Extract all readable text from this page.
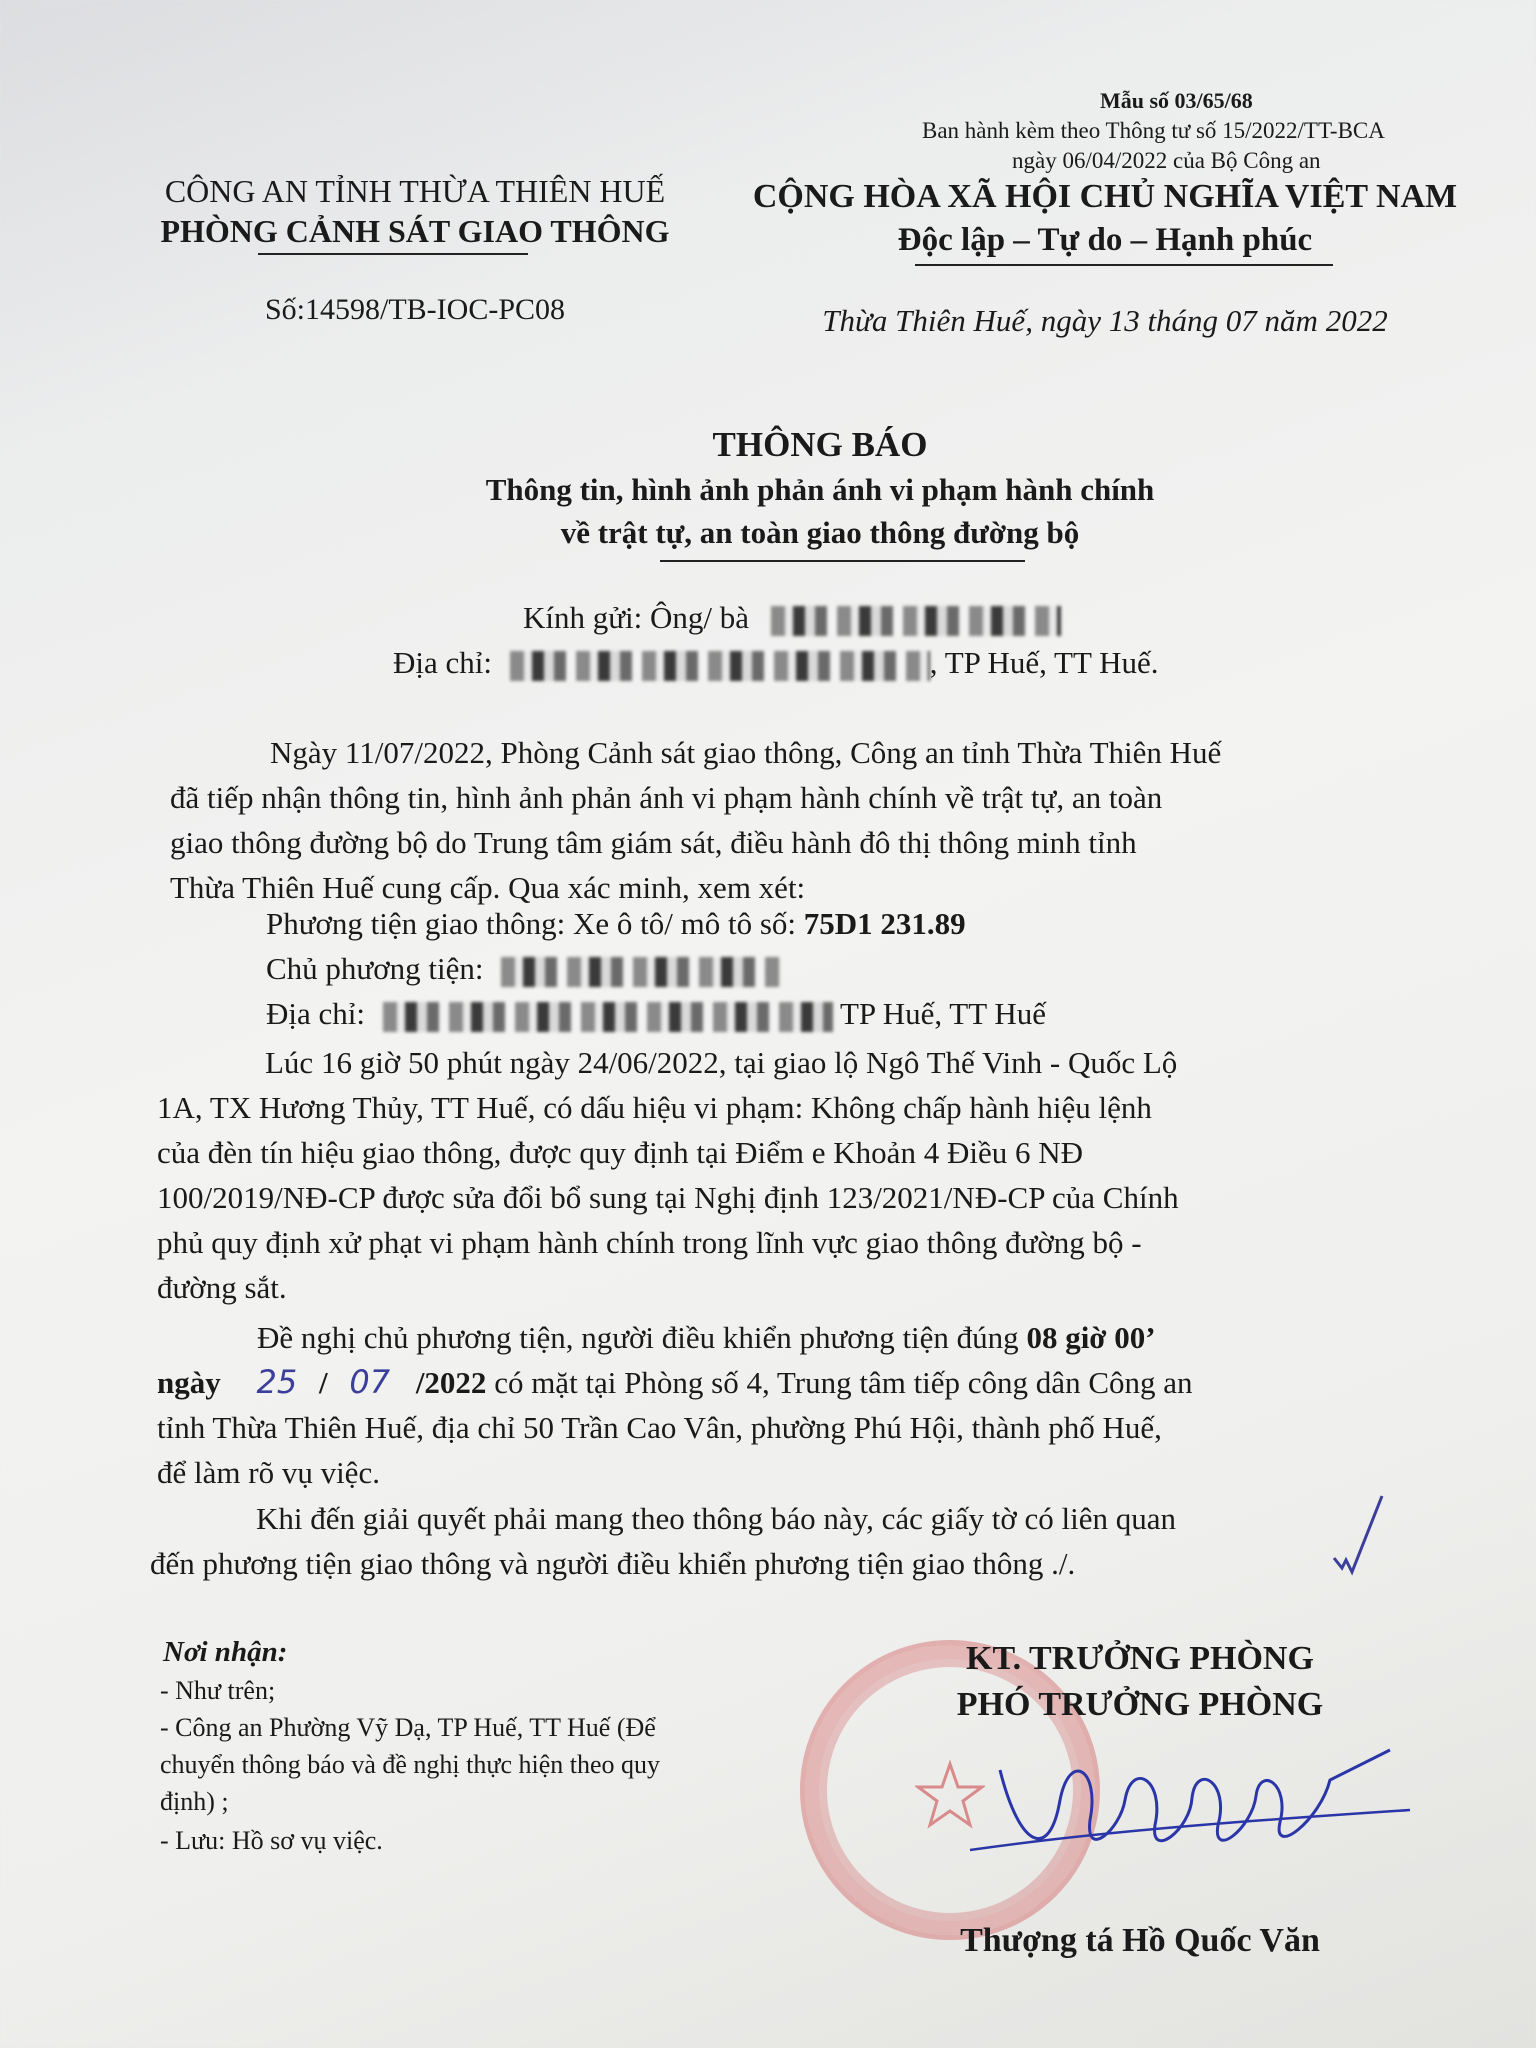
Mẫu số 03/65/68
Ban hành kèm theo Thông tư số 15/2022/TT-BCA
ngày 06/04/2022 của Bộ Công an
CÔNG AN TỈNH THỪA THIÊN HUẾ
PHÒNG CẢNH SÁT GIAO THÔNG
Số:14598/TB-IOC-PC08
CỘNG HÒA XÃ HỘI CHỦ NGHĨA VIỆT NAM
Độc lập – Tự do – Hạnh phúc
Thừa Thiên Huế, ngày 13 tháng 07 năm 2022
THÔNG BÁO
Thông tin, hình ảnh phản ánh vi phạm hành chính
về trật tự, an toàn giao thông đường bộ
Kính gửi: Ông/ bà
Địa chỉ:	, TP Huế, TT Huế.
Ngày 11/07/2022, Phòng Cảnh sát giao thông, Công an tỉnh Thừa Thiên Huế
đã tiếp nhận thông tin, hình ảnh phản ánh vi phạm hành chính về trật tự, an toàn
giao thông đường bộ do Trung tâm giám sát, điều hành đô thị thông minh tỉnh
Thừa Thiên Huế cung cấp. Qua xác minh, xem xét:
Phương tiện giao thông: Xe ô tô/ mô tô số: 75D1 231.89
Chủ phương tiện:
Địa chỉ:	TP Huế, TT Huế
Lúc 16 giờ 50 phút ngày 24/06/2022, tại giao lộ Ngô Thế Vinh - Quốc Lộ
1A, TX Hương Thủy, TT Huế, có dấu hiệu vi phạm: Không chấp hành hiệu lệnh
của đèn tín hiệu giao thông, được quy định tại Điểm e Khoản 4 Điều 6 NĐ
100/2019/NĐ-CP được sửa đổi bổ sung tại Nghị định 123/2021/NĐ-CP của Chính
phủ quy định xử phạt vi phạm hành chính trong lĩnh vực giao thông đường bộ -
đường sắt.
Đề nghị chủ phương tiện, người điều khiển phương tiện đúng 08 giờ 00’
ngày 25 / 07 /2022 có mặt tại Phòng số 4, Trung tâm tiếp công dân Công an
tỉnh Thừa Thiên Huế, địa chỉ 50 Trần Cao Vân, phường Phú Hội, thành phố Huế,
để làm rõ vụ việc.
Khi đến giải quyết phải mang theo thông báo này, các giấy tờ có liên quan
đến phương tiện giao thông và người điều khiển phương tiện giao thông ./.
Nơi nhận:
- Như trên;
- Công an Phường Vỹ Dạ, TP Huế, TT Huế (Để
chuyển thông báo và đề nghị thực hiện theo quy
định) ;
- Lưu: Hồ sơ vụ việc.
KT. TRƯỞNG PHÒNG
PHÓ TRƯỞNG PHÒNG
Thượng tá Hồ Quốc Văn
